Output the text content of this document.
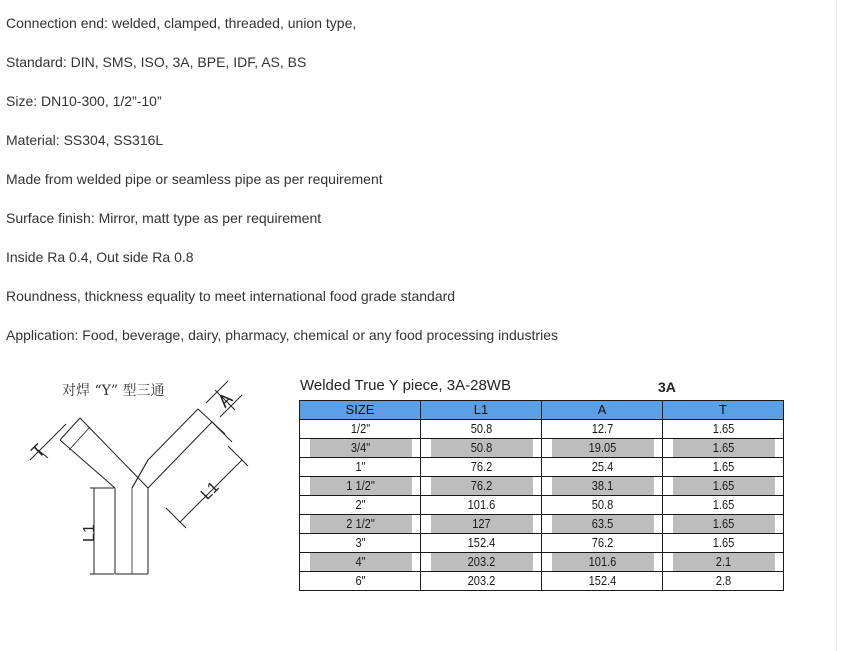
Connection end: welded, clamped, threaded, union type,
Standard: DIN, SMS, ISO, 3A, BPE, IDF, AS, BS
Size: DN10-300, 1/2”-10”
Material: SS304, SS316L
Made from welded pipe or seamless pipe as per requirement
Surface finish: Mirror, matt type as per requirement
Inside Ra 0.4, Out side Ra 0.8
Roundness, thickness equality to meet international food grade standard
Application: Food, beverage, dairy, pharmacy, chemical or any food processing industries
对焊 “Y” 型三通	A
T
L1
L1
Welded True Y piece, 3A-28WB	3A
SIZE	L1	A	T
1/2"	50.8	12.7	1.65
3/4"	50.8	19.05	1.65
1"	76.2	25.4	1.65
1 1/2"	76.2	38.1	1.65
2"	101.6	50.8	1.65
2 1/2"	127	63.5	1.65
3"	152.4	76.2	1.65
4"	203.2	101.6	2.1
6"	203.2	152.4	2.8
